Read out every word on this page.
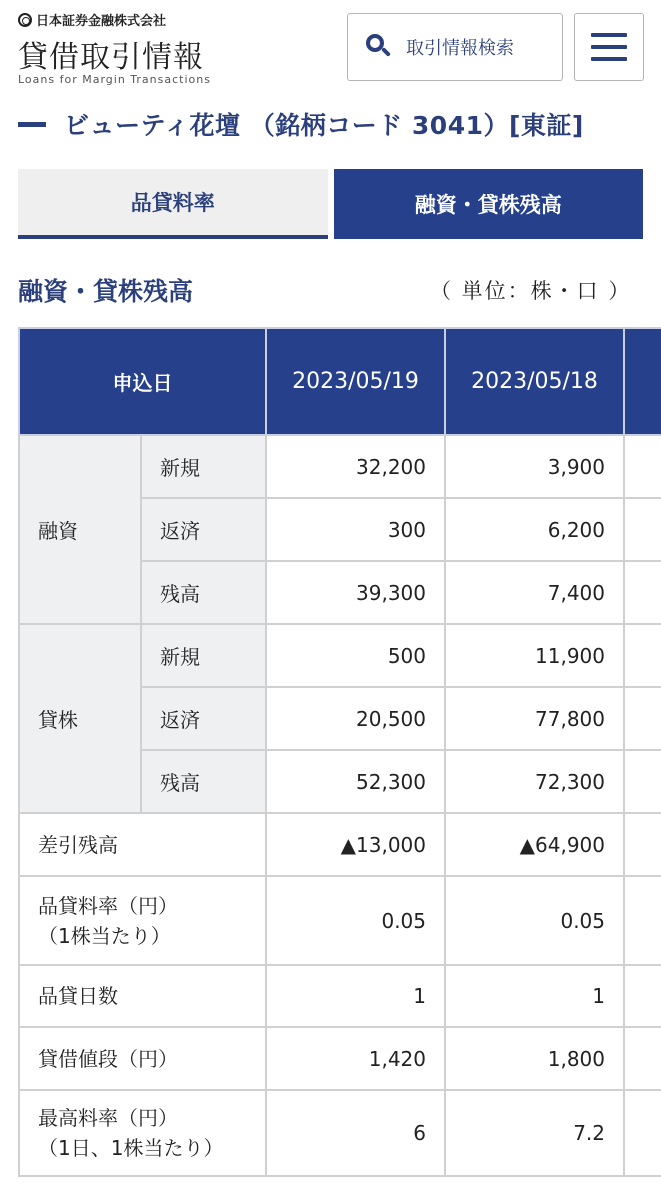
日本証券金融株式会社
貸借取引情報
Loans for Margin Transactions
取引情報検索
ビューティ花壇 （銘柄コード 3041）[東証]
品貸料率	融資・貸株残高
融資・貸株残高	（ 単位：株・口 ）
申込日		2023/05/19	2023/05/18	
融資	新規	32,200	3,900	
	返済	300	6,200	
	残高	39,300	7,400	
貸株	新規	500	11,900	
	返済	20,500	77,800	
	残高	52,300	72,300	
差引残高		▲13,000	▲64,900	

品貸料率（円）
（1株当たり）		0.05	0.05	
品貸日数		1	1	
貸借値段（円）		1,420	1,800	

最高料率（円）
（1日、1株当たり）		6	7.2	
